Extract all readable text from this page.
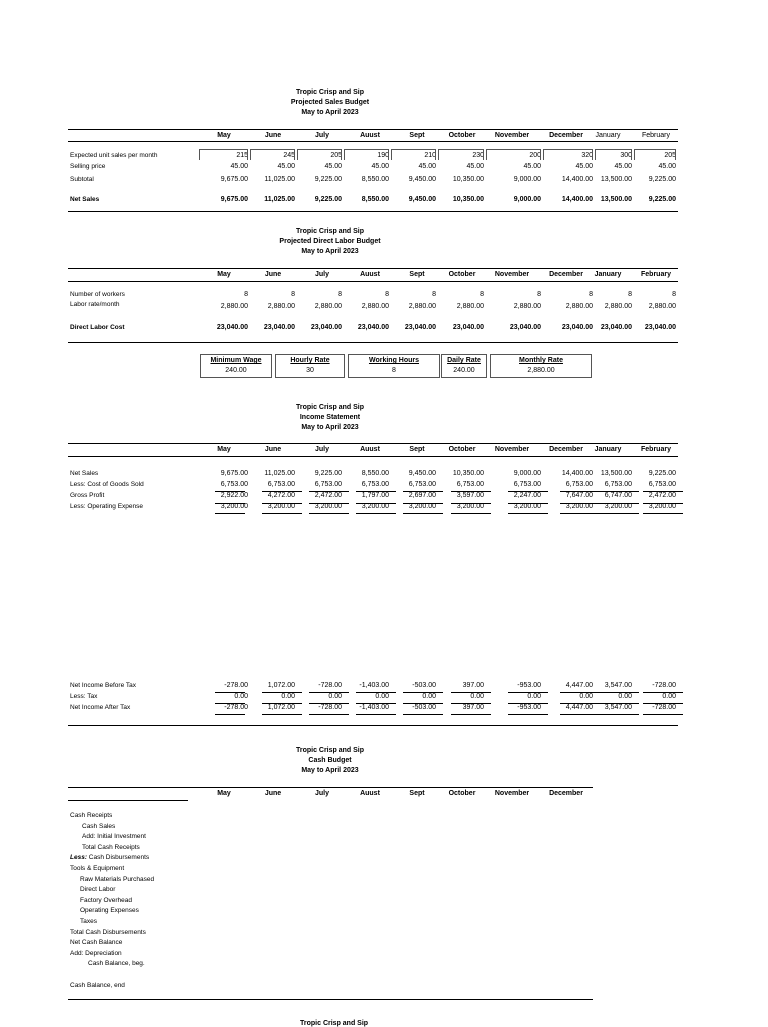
Tropic Crisp and Sip
Projected Sales Budget
May to April 2023
May	June	July	Auust	Sept	October	November	December	January	February
Expected unit sales per month	215	245	205	190	210	230	200	320	300	205
Selling price	45.00	45.00	45.00	45.00	45.00	45.00	45.00	45.00	45.00	45.00
Subtotal	9,675.00	11,025.00	9,225.00	8,550.00	9,450.00	10,350.00	9,000.00	14,400.00	13,500.00	9,225.00
Net Sales	9,675.00	11,025.00	9,225.00	8,550.00	9,450.00	10,350.00	9,000.00	14,400.00	13,500.00	9,225.00
Tropic Crisp and Sip
Projected Direct Labor Budget
May to April 2023
May	June	July	Auust	Sept	October	November	December	January	February
Number of workers	8	8	8	8	8	8	8	8	8	8
Labor rate/month	2,880.00	2,880.00	2,880.00	2,880.00	2,880.00	2,880.00	2,880.00	2,880.00	2,880.00	2,880.00
Direct Labor Cost	23,040.00	23,040.00	23,040.00	23,040.00	23,040.00	23,040.00	23,040.00	23,040.00	23,040.00	23,040.00
Minimum Wage
240.00
Hourly Rate
30
Working Hours
8
Daily Rate
240.00
Monthly Rate
2,880.00
Tropic Crisp and Sip
Income Statement
May to April 2023
May	June	July	Auust	Sept	October	November	December	January	February
Net Sales	9,675.00	11,025.00	9,225.00	8,550.00	9,450.00	10,350.00	9,000.00	14,400.00	13,500.00	9,225.00
Less: Cost of Goods Sold	6,753.00	6,753.00	6,753.00	6,753.00	6,753.00	6,753.00	6,753.00	6,753.00	6,753.00	6,753.00
Gross Profit	2,922.00	4,272.00	2,472.00	1,797.00	2,697.00	3,597.00	2,247.00	7,647.00	6,747.00	2,472.00
Less: Operating Expense	3,200.00	3,200.00	3,200.00	3,200.00	3,200.00	3,200.00	3,200.00	3,200.00	3,200.00	3,200.00
Net Income Before Tax	-278.00	1,072.00	-728.00	-1,403.00	-503.00	397.00	-953.00	4,447.00	3,547.00	-728.00
Less: Tax	0.00	0.00	0.00	0.00	0.00	0.00	0.00	0.00	0.00	0.00
Net Income After Tax	-278.00	1,072.00	-728.00	-1,403.00	-503.00	397.00	-953.00	4,447.00	3,547.00	-728.00
Tropic Crisp and Sip
Cash Budget
May to April 2023
May	June	July	Auust	Sept	October	November	December
Cash Receipts
Cash Sales
Add: Initial Investment
Total Cash Receipts
Less: Cash Disbursements
Tools & Equipment
Raw Materials Purchased
Direct Labor
Factory Overhead
Operating Expenses
Taxes
Total Cash Disbursements
Net Cash Balance
Add: Depreciation
Cash Balance, beg.
Cash Balance, end
Tropic Crisp and Sip
